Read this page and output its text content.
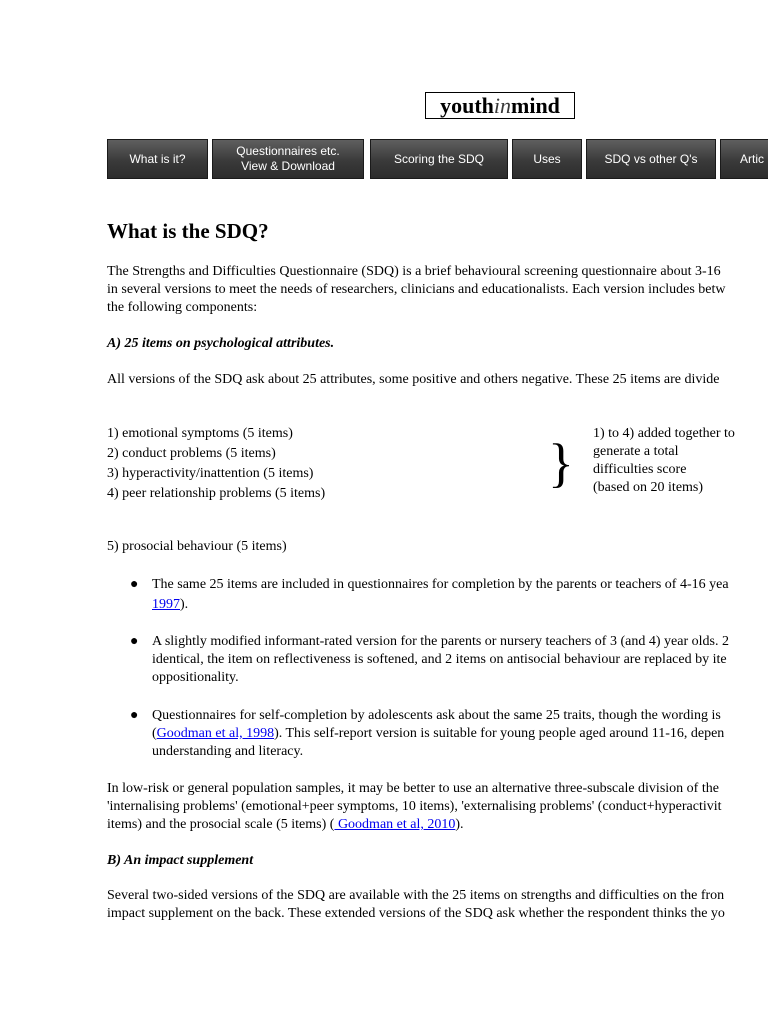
youthinmind
What is it?
Questionnaires etc.
View & Download
Scoring the SDQ	Uses	SDQ vs other Q's	Artic
What is the SDQ?
The Strengths and Difficulties Questionnaire (SDQ) is a brief behavioural screening questionnaire about 3-16
in several versions to meet the needs of researchers, clinicians and educationalists. Each version includes betw
the following components:
A) 25 items on psychological attributes.
All versions of the SDQ ask about 25 attributes, some positive and others negative. These 25 items are divide
1) emotional symptoms (5 items)
2) conduct problems (5 items)
3) hyperactivity/inattention (5 items)
4) peer relationship problems (5 items)
} 1) to 4) added together to
generate a total
difficulties score
(based on 20 items)
5) prosocial behaviour (5 items)
● The same 25 items are included in questionnaires for completion by the parents or teachers of 4-16 yea
1997).
● A slightly modified informant-rated version for the parents or nursery teachers of 3 (and 4) year olds. 2
identical, the item on reflectiveness is softened, and 2 items on antisocial behaviour are replaced by ite
oppositionality.
● Questionnaires for self-completion by adolescents ask about the same 25 traits, though the wording is
(Goodman et al, 1998). This self-report version is suitable for young people aged around 11-16, depen
understanding and literacy.
In low-risk or general population samples, it may be better to use an alternative three-subscale division of the
'internalising problems' (emotional+peer symptoms, 10 items), 'externalising problems' (conduct+hyperactivit
items) and the prosocial scale (5 items) ( Goodman et al, 2010).
B) An impact supplement
Several two-sided versions of the SDQ are available with the 25 items on strengths and difficulties on the fron
impact supplement on the back. These extended versions of the SDQ ask whether the respondent thinks the yo
